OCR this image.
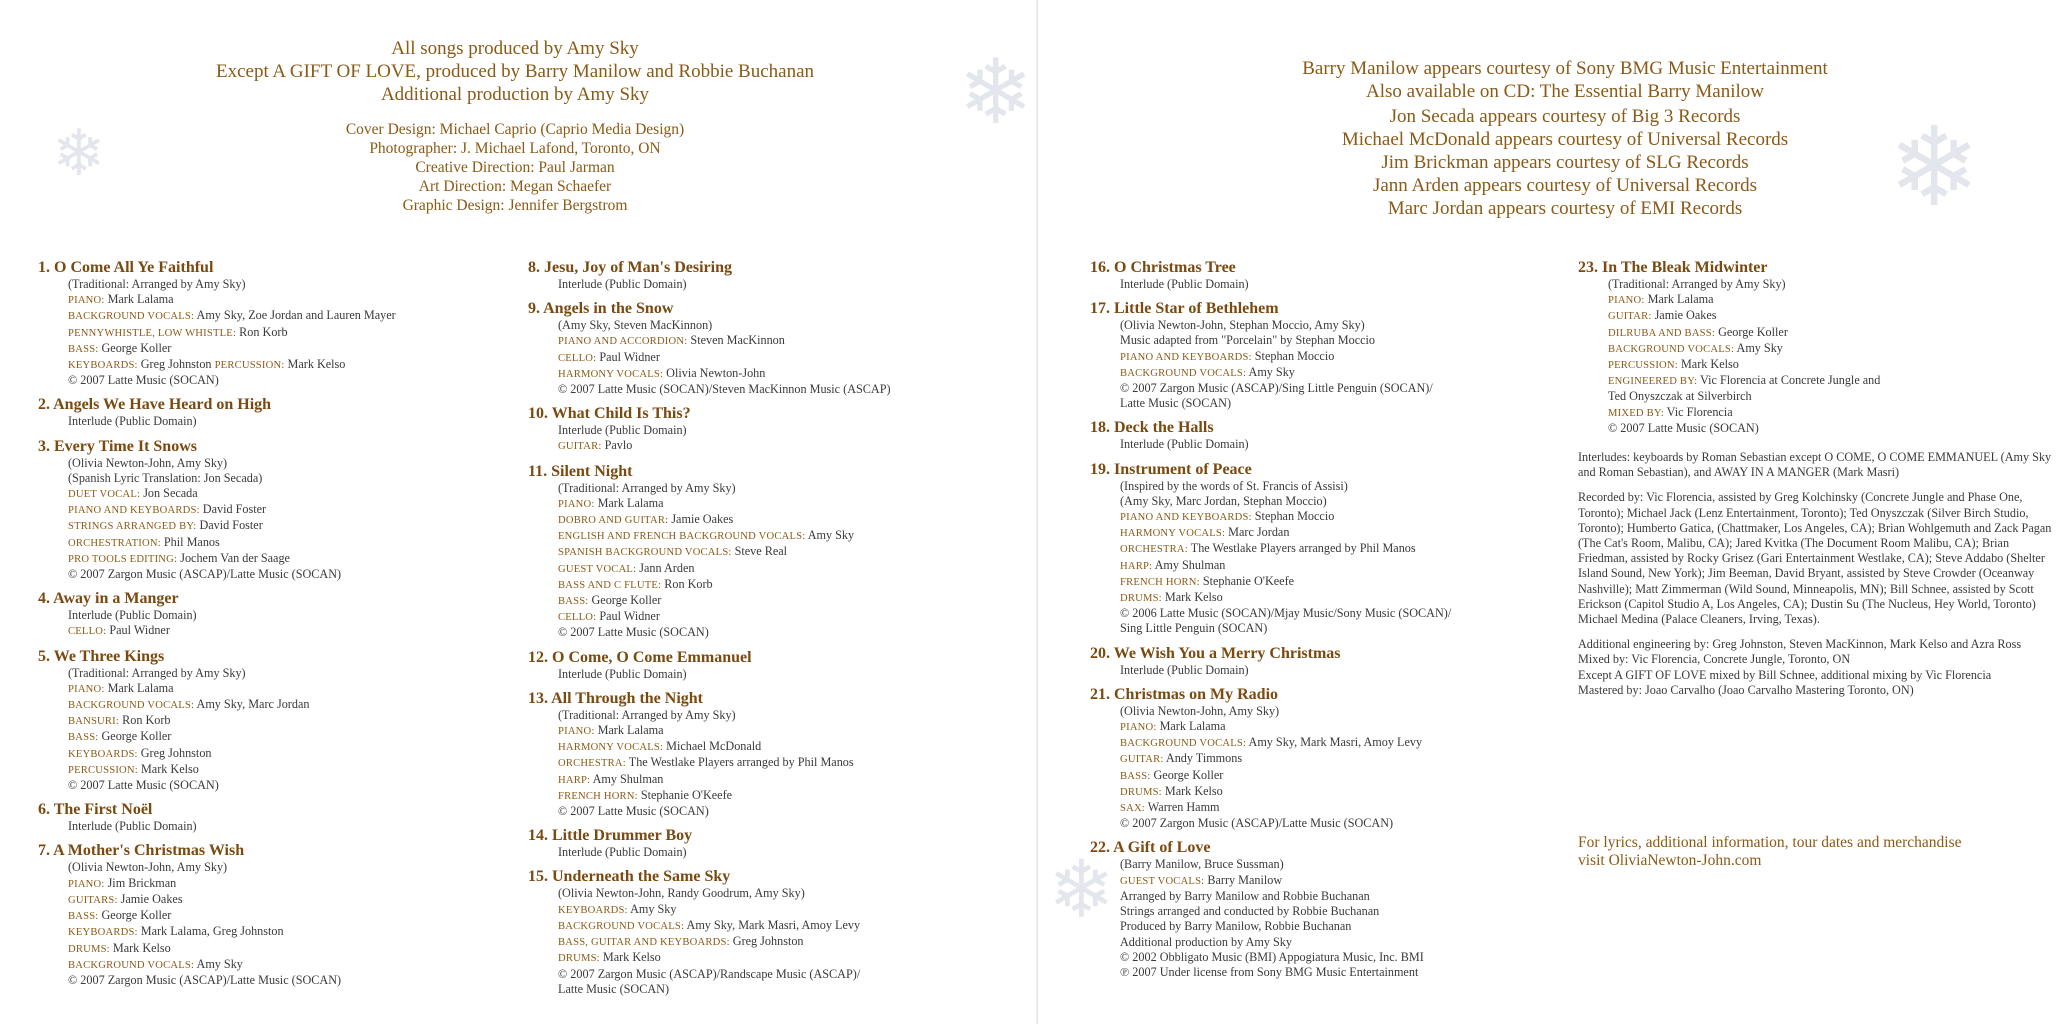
❄
❄	❄
❄
All songs produced by Amy Sky
Except A GIFT OF LOVE, produced by Barry Manilow and Robbie Buchanan
Additional production by Amy Sky
Cover Design: Michael Caprio (Caprio Media Design)
Photographer: J. Michael Lafond, Toronto, ON
Creative Direction: Paul Jarman
Art Direction: Megan Schaefer
Graphic Design: Jennifer Bergstrom
Barry Manilow appears courtesy of Sony BMG Music Entertainment
Also available on CD: The Essential Barry Manilow
Jon Secada appears courtesy of Big 3 Records
Michael McDonald appears courtesy of Universal Records
Jim Brickman appears courtesy of SLG Records
Jann Arden appears courtesy of Universal Records
Marc Jordan appears courtesy of EMI Records
1. O Come All Ye Faithful
(Traditional: Arranged by Amy Sky)
PIANO: Mark Lalama
BACKGROUND VOCALS: Amy Sky, Zoe Jordan and Lauren Mayer
PENNYWHISTLE, LOW WHISTLE: Ron Korb
BASS: George Koller
KEYBOARDS: Greg Johnston PERCUSSION: Mark Kelso
© 2007 Latte Music (SOCAN)
2. Angels We Have Heard on High
Interlude (Public Domain)
3. Every Time It Snows
(Olivia Newton-John, Amy Sky)
(Spanish Lyric Translation: Jon Secada)
DUET VOCAL: Jon Secada
PIANO AND KEYBOARDS: David Foster
STRINGS ARRANGED BY: David Foster
ORCHESTRATION: Phil Manos
PRO TOOLS EDITING: Jochem Van der Saage
© 2007 Zargon Music (ASCAP)/Latte Music (SOCAN)
4. Away in a Manger
Interlude (Public Domain)
CELLO: Paul Widner
5. We Three Kings
(Traditional: Arranged by Amy Sky)
PIANO: Mark Lalama
BACKGROUND VOCALS: Amy Sky, Marc Jordan
BANSURI: Ron Korb
BASS: George Koller
KEYBOARDS: Greg Johnston
PERCUSSION: Mark Kelso
© 2007 Latte Music (SOCAN)
6. The First Noël
Interlude (Public Domain)
7. A Mother's Christmas Wish
(Olivia Newton-John, Amy Sky)
PIANO: Jim Brickman
GUITARS: Jamie Oakes
BASS: George Koller
KEYBOARDS: Mark Lalama, Greg Johnston
DRUMS: Mark Kelso
BACKGROUND VOCALS: Amy Sky
© 2007 Zargon Music (ASCAP)/Latte Music (SOCAN)
8. Jesu, Joy of Man's Desiring
Interlude (Public Domain)
9. Angels in the Snow
(Amy Sky, Steven MacKinnon)
PIANO AND ACCORDION: Steven MacKinnon
CELLO: Paul Widner
HARMONY VOCALS: Olivia Newton-John
© 2007 Latte Music (SOCAN)/Steven MacKinnon Music (ASCAP)
10. What Child Is This?
Interlude (Public Domain)
GUITAR: Pavlo
11. Silent Night
(Traditional: Arranged by Amy Sky)
PIANO: Mark Lalama
DOBRO AND GUITAR: Jamie Oakes
ENGLISH AND FRENCH BACKGROUND VOCALS: Amy Sky
SPANISH BACKGROUND VOCALS: Steve Real
GUEST VOCAL: Jann Arden
BASS AND C FLUTE: Ron Korb
BASS: George Koller
CELLO: Paul Widner
© 2007 Latte Music (SOCAN)
12. O Come, O Come Emmanuel
Interlude (Public Domain)
13. All Through the Night
(Traditional: Arranged by Amy Sky)
PIANO: Mark Lalama
HARMONY VOCALS: Michael McDonald
ORCHESTRA: The Westlake Players arranged by Phil Manos
HARP: Amy Shulman
FRENCH HORN: Stephanie O'Keefe
© 2007 Latte Music (SOCAN)
14. Little Drummer Boy
Interlude (Public Domain)
15. Underneath the Same Sky
(Olivia Newton-John, Randy Goodrum, Amy Sky)
KEYBOARDS: Amy Sky
BACKGROUND VOCALS: Amy Sky, Mark Masri, Amoy Levy
BASS, GUITAR AND KEYBOARDS: Greg Johnston
DRUMS: Mark Kelso
© 2007 Zargon Music (ASCAP)/Randscape Music (ASCAP)/
Latte Music (SOCAN)
16. O Christmas Tree
Interlude (Public Domain)
17. Little Star of Bethlehem
(Olivia Newton-John, Stephan Moccio, Amy Sky)
Music adapted from "Porcelain" by Stephan Moccio
PIANO AND KEYBOARDS: Stephan Moccio
BACKGROUND VOCALS: Amy Sky
© 2007 Zargon Music (ASCAP)/Sing Little Penguin (SOCAN)/
Latte Music (SOCAN)
18. Deck the Halls
Interlude (Public Domain)
19. Instrument of Peace
(Inspired by the words of St. Francis of Assisi)
(Amy Sky, Marc Jordan, Stephan Moccio)
PIANO AND KEYBOARDS: Stephan Moccio
HARMONY VOCALS: Marc Jordan
ORCHESTRA: The Westlake Players arranged by Phil Manos
HARP: Amy Shulman
FRENCH HORN: Stephanie O'Keefe
DRUMS: Mark Kelso
© 2006 Latte Music (SOCAN)/Mjay Music/Sony Music (SOCAN)/
Sing Little Penguin (SOCAN)
20. We Wish You a Merry Christmas
Interlude (Public Domain)
21. Christmas on My Radio
(Olivia Newton-John, Amy Sky)
PIANO: Mark Lalama
BACKGROUND VOCALS: Amy Sky, Mark Masri, Amoy Levy
GUITAR: Andy Timmons
BASS: George Koller
DRUMS: Mark Kelso
SAX: Warren Hamm
© 2007 Zargon Music (ASCAP)/Latte Music (SOCAN)
22. A Gift of Love
(Barry Manilow, Bruce Sussman)
GUEST VOCALS: Barry Manilow
Arranged by Barry Manilow and Robbie Buchanan
Strings arranged and conducted by Robbie Buchanan
Produced by Barry Manilow, Robbie Buchanan
Additional production by Amy Sky
© 2002 Obbligato Music (BMI) Appogiatura Music, Inc. BMI
℗ 2007 Under license from Sony BMG Music Entertainment
23. In The Bleak Midwinter
(Traditional: Arranged by Amy Sky)
PIANO: Mark Lalama
GUITAR: Jamie Oakes
DILRUBA AND BASS: George Koller
BACKGROUND VOCALS: Amy Sky
PERCUSSION: Mark Kelso
ENGINEERED BY: Vic Florencia at Concrete Jungle and
Ted Onyszczak at Silverbirch
MIXED BY: Vic Florencia
© 2007 Latte Music (SOCAN)

Interludes: keyboards by Roman Sebastian except O COME, O COME EMMANUEL (Amy Sky and Roman Sebastian), and AWAY IN A MANGER (Mark Masri)

Recorded by: Vic Florencia, assisted by Greg Kolchinsky (Concrete Jungle and Phase One, Toronto); Michael Jack (Lenz Entertainment, Toronto); Ted Onyszczak (Silver Birch Studio, Toronto); Humberto Gatica, (Chattmaker, Los Angeles, CA); Brian Wohlgemuth and Zack Pagan (The Cat's Room, Malibu, CA); Jared Kvitka (The Document Room Malibu, CA); Brian Friedman, assisted by Rocky Grisez (Gari Entertainment Westlake, CA); Steve Addabo (Shelter Island Sound, New York); Jim Beeman, David Bryant, assisted by Steve Crowder (Oceanway Nashville); Matt Zimmerman (Wild Sound, Minneapolis, MN); Bill Schnee, assisted by Scott Erickson (Capitol Studio A, Los Angeles, CA); Dustin Su (The Nucleus, Hey World, Toronto) Michael Medina (Palace Cleaners, Irving, Texas).

Additional engineering by: Greg Johnston, Steven MacKinnon, Mark Kelso and Azra Ross
Mixed by: Vic Florencia, Concrete Jungle, Toronto, ON
Except A GIFT OF LOVE mixed by Bill Schnee, additional mixing by Vic Florencia
Mastered by: Joao Carvalho (Joao Carvalho Mastering Toronto, ON)
For lyrics, additional information, tour dates and merchandise
visit OliviaNewton-John.com
